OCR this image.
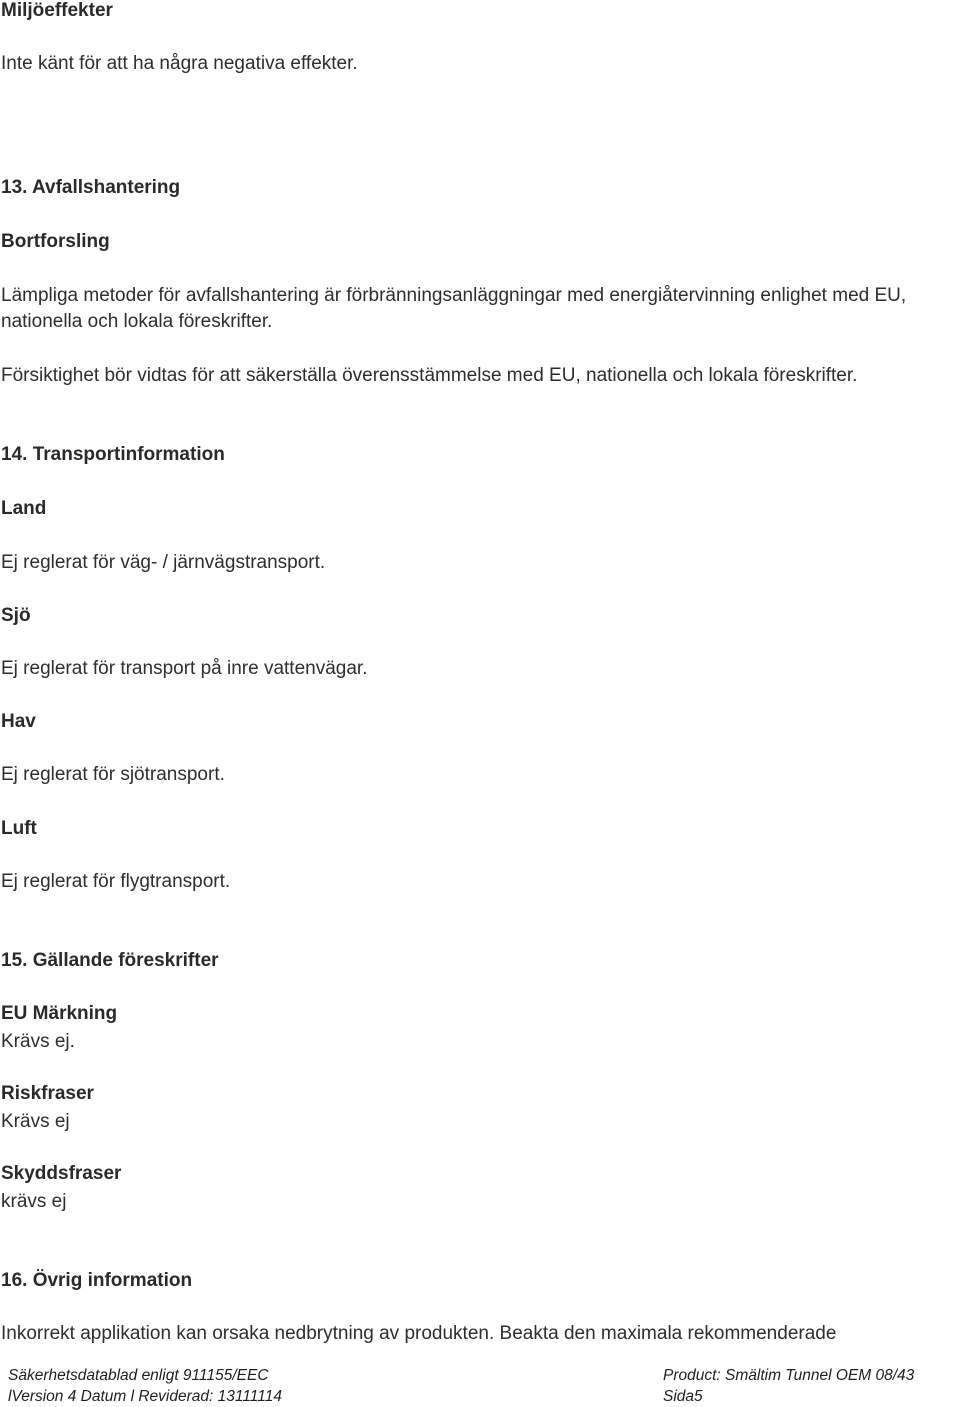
Miljöeffekter
Inte känt för att ha några negativa effekter.
13. Avfallshantering
Bortforsling
Lämpliga metoder för avfallshantering är förbränningsanläggningar med energiåtervinning enlighet med EU,
nationella och lokala föreskrifter.
Försiktighet bör vidtas för att säkerställa överensstämmelse med EU, nationella och lokala föreskrifter.
14. Transportinformation
Land
Ej reglerat för väg- / järnvägstransport.
Sjö
Ej reglerat för transport på inre vattenvägar.
Hav
Ej reglerat för sjötransport.
Luft
Ej reglerat för flygtransport.
15. Gällande föreskrifter
EU Märkning
Krävs ej.
Riskfraser
Krävs ej
Skyddsfraser
krävs ej
16. Övrig information
Inkorrekt applikation kan orsaka nedbrytning av produkten. Beakta den maximala rekommenderade
Säkerhetsdatablad enligt 911155/EEC
lVersion 4 Datum l Reviderad: 13111114
Product: Smältim Tunnel OEM 08/43
Sida5
